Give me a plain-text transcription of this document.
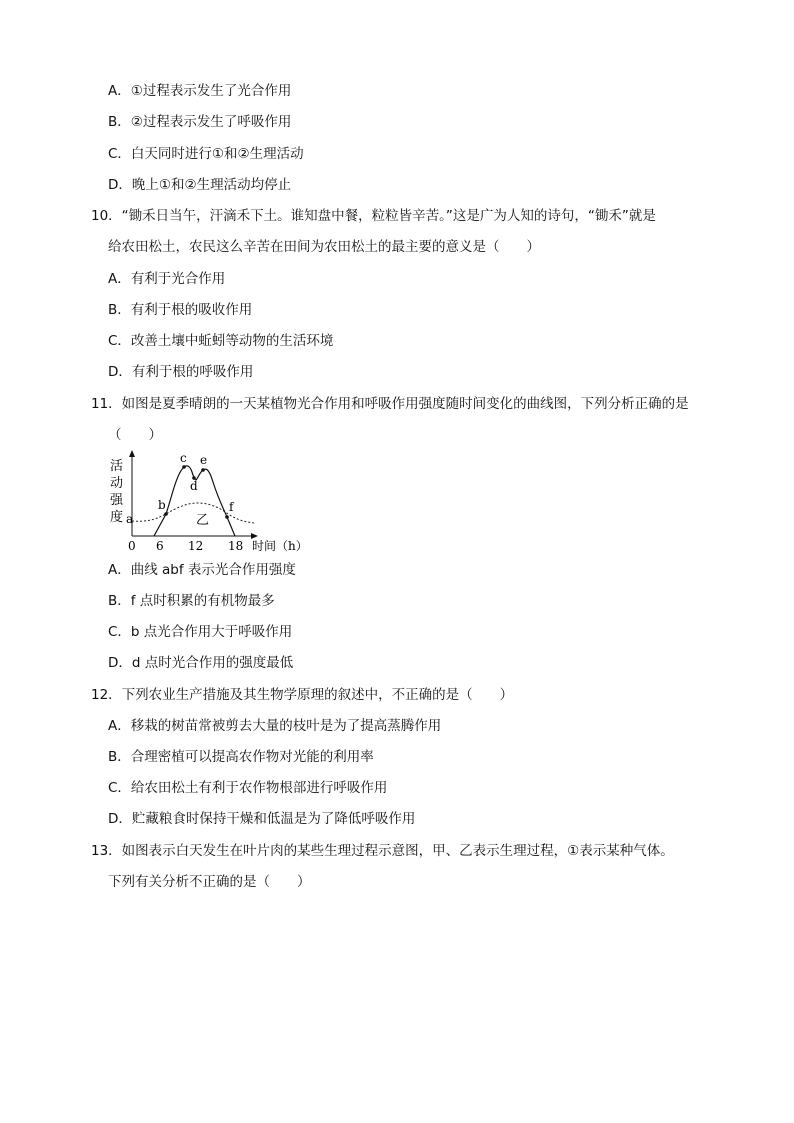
A．①过程表示发生了光合作用
B．②过程表示发生了呼吸作用
C．白天同时进行①和②生理活动
D．晚上①和②生理活动均停止
10．“锄禾日当午，汗滴禾下土。谁知盘中餐，粒粒皆辛苦。”这是广为人知的诗句，“锄禾”就是
给农田松土，农民这么辛苦在田间为农田松土的最主要的意义是（　　）
A．有利于光合作用
B．有利于根的吸收作用
C．改善土壤中蚯蚓等动物的生活环境
D．有利于根的呼吸作用
11．如图是夏季晴朗的一天某植物光合作用和呼吸作用强度随时间变化的曲线图，下列分析正确的是
（　　）
活
动
强
度 a
b
c
d
e
f
乙
0 6 12 18 时间（h）
A．曲线 abf 表示光合作用强度
B．f 点时积累的有机物最多
C．b 点光合作用大于呼吸作用
D．d 点时光合作用的强度最低
12．下列农业生产措施及其生物学原理的叙述中，不正确的是（　　）
A．移栽的树苗常被剪去大量的枝叶是为了提高蒸腾作用
B．合理密植可以提高农作物对光能的利用率
C．给农田松土有利于农作物根部进行呼吸作用
D．贮藏粮食时保持干燥和低温是为了降低呼吸作用
13．如图表示白天发生在叶片肉的某些生理过程示意图，甲、乙表示生理过程，①表示某种气体。
下列有关分析不正确的是（　　）
